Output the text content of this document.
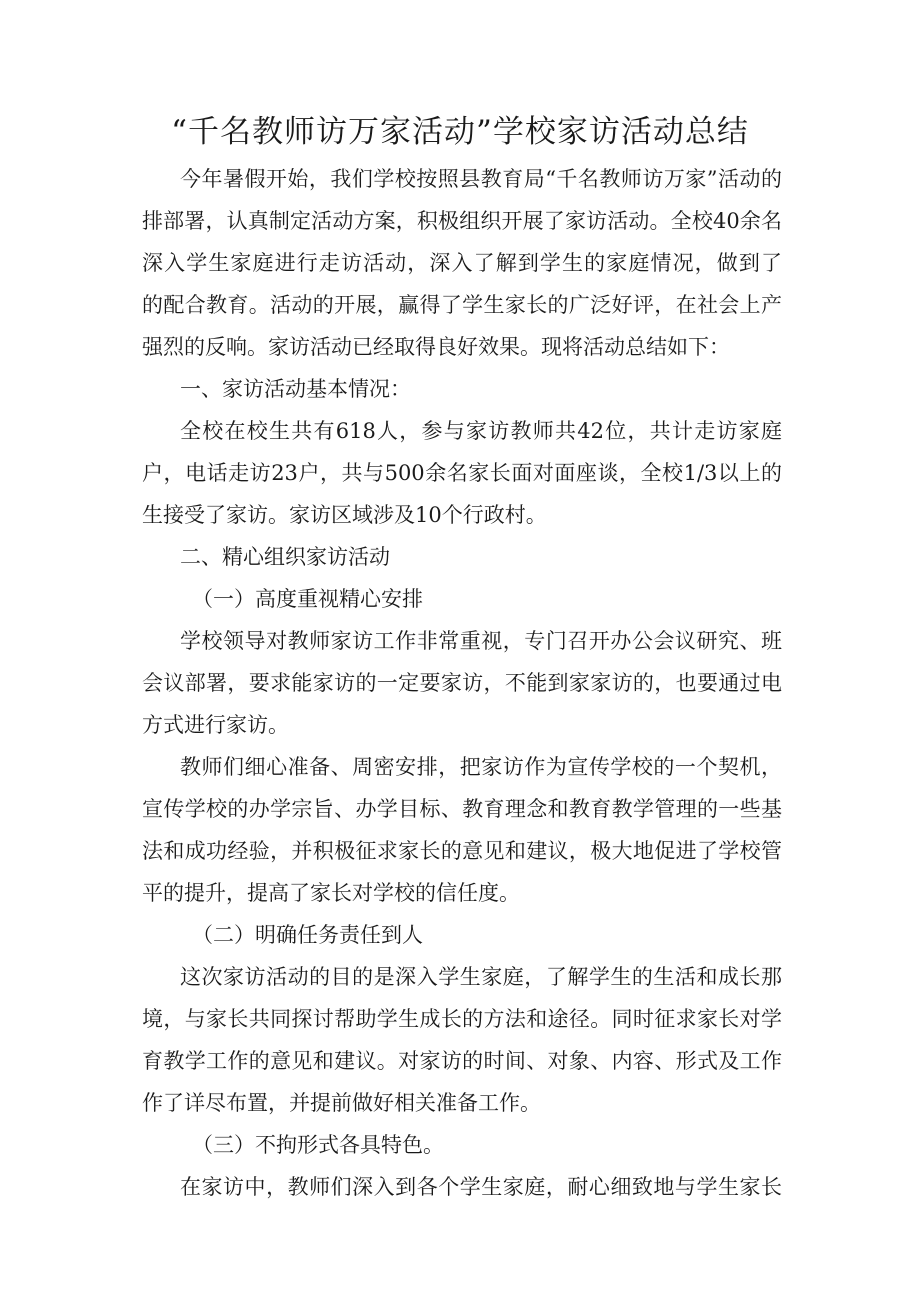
“千名教师访万家活动”学校家访活动总结
今年暑假开始，我们学校按照县教育局“千名教师访万家”活动的
排部署，认真制定活动方案，积极组织开展了家访活动。全校40余名
深入学生家庭进行走访活动，深入了解到学生的家庭情况，做到了
的配合教育。活动的开展，赢得了学生家长的广泛好评，在社会上产
强烈的反响。家访活动已经取得良好效果。现将活动总结如下：
一、家访活动基本情况：
全校在校生共有618人，参与家访教师共42位，共计走访家庭
户，电话走访23户，共与500余名家长面对面座谈，全校1/3以上的
生接受了家访。家访区域涉及10个行政村。
二、精心组织家访活动
（一）高度重视精心安排
学校领导对教师家访工作非常重视，专门召开办公会议研究、班
会议部署，要求能家访的一定要家访，不能到家家访的，也要通过电
方式进行家访。
教师们细心准备、周密安排，把家访作为宣传学校的一个契机，
宣传学校的办学宗旨、办学目标、教育理念和教育教学管理的一些基
法和成功经验，并积极征求家长的意见和建议，极大地促进了学校管
平的提升，提高了家长对学校的信任度。
（二）明确任务责任到人
这次家访活动的目的是深入学生家庭，了解学生的生活和成长那
境，与家长共同探讨帮助学生成长的方法和途径。同时征求家长对学
育教学工作的意见和建议。对家访的时间、对象、内容、形式及工作
作了详尽布置，并提前做好相关准备工作。
（三）不拘形式各具特色。
在家访中，教师们深入到各个学生家庭，耐心细致地与学生家长
